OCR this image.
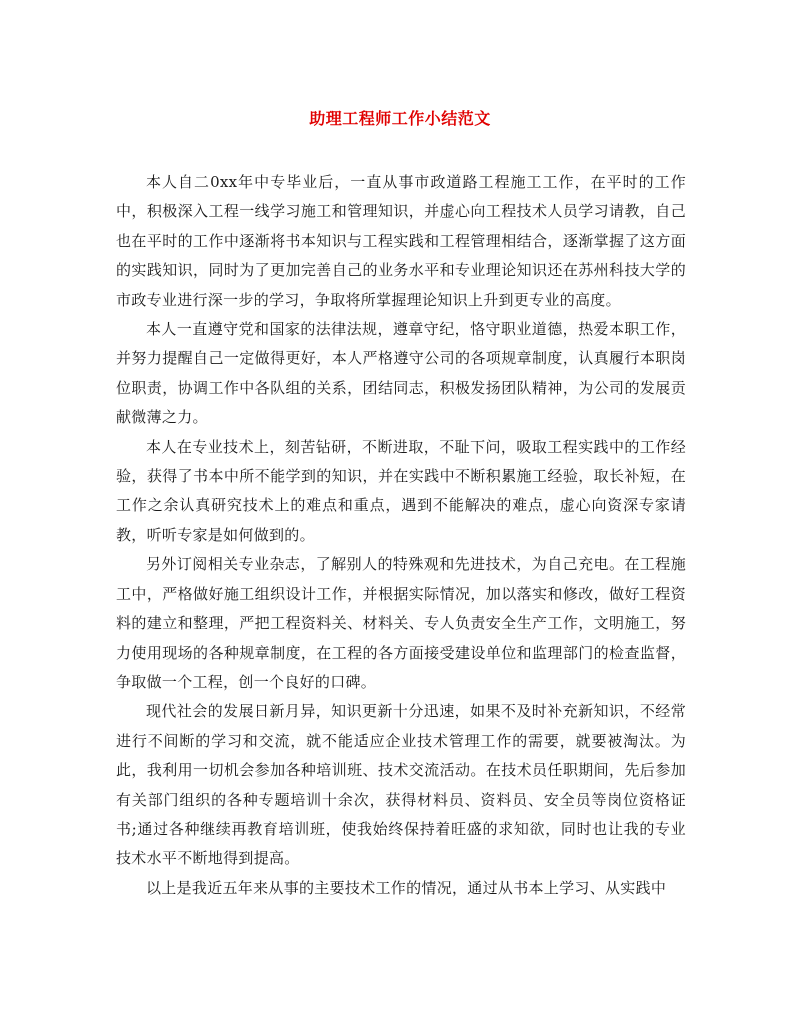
助理工程师工作小结范文

本人自二0xx年中专毕业后，一直从事市政道路工程施工工作，在平时的工作中，积极深入工程一线学习施工和管理知识，并虚心向工程技术人员学习请教，自己也在平时的工作中逐渐将书本知识与工程实践和工程管理相结合，逐渐掌握了这方面的实践知识，同时为了更加完善自己的业务水平和专业理论知识还在苏州科技大学的市政专业进行深一步的学习，争取将所掌握理论知识上升到更专业的高度。

本人一直遵守党和国家的法律法规，遵章守纪，恪守职业道德，热爱本职工作，并努力提醒自己一定做得更好，本人严格遵守公司的各项规章制度，认真履行本职岗位职责，协调工作中各队组的关系，团结同志，积极发扬团队精神，为公司的发展贡献微薄之力。

本人在专业技术上，刻苦钻研，不断进取，不耻下问，吸取工程实践中的工作经验，获得了书本中所不能学到的知识，并在实践中不断积累施工经验，取长补短，在工作之余认真研究技术上的难点和重点，遇到不能解决的难点，虚心向资深专家请教，听听专家是如何做到的。

另外订阅相关专业杂志，了解别人的特殊观和先进技术，为自己充电。在工程施工中，严格做好施工组织设计工作，并根据实际情况，加以落实和修改，做好工程资料的建立和整理，严把工程资料关、材料关、专人负责安全生产工作，文明施工，努力使用现场的各种规章制度，在工程的各方面接受建设单位和监理部门的检查监督，争取做一个工程，创一个良好的口碑。

现代社会的发展日新月异，知识更新十分迅速，如果不及时补充新知识，不经常进行不间断的学习和交流，就不能适应企业技术管理工作的需要，就要被淘汰。为此，我利用一切机会参加各种培训班、技术交流活动。在技术员任职期间，先后参加有关部门组织的各种专题培训十余次，获得材料员、资料员、安全员等岗位资格证书;通过各种继续再教育培训班，使我始终保持着旺盛的求知欲，同时也让我的专业技术水平不断地得到提高。

以上是我近五年来从事的主要技术工作的情况，通过从书本上学习、从实践中
